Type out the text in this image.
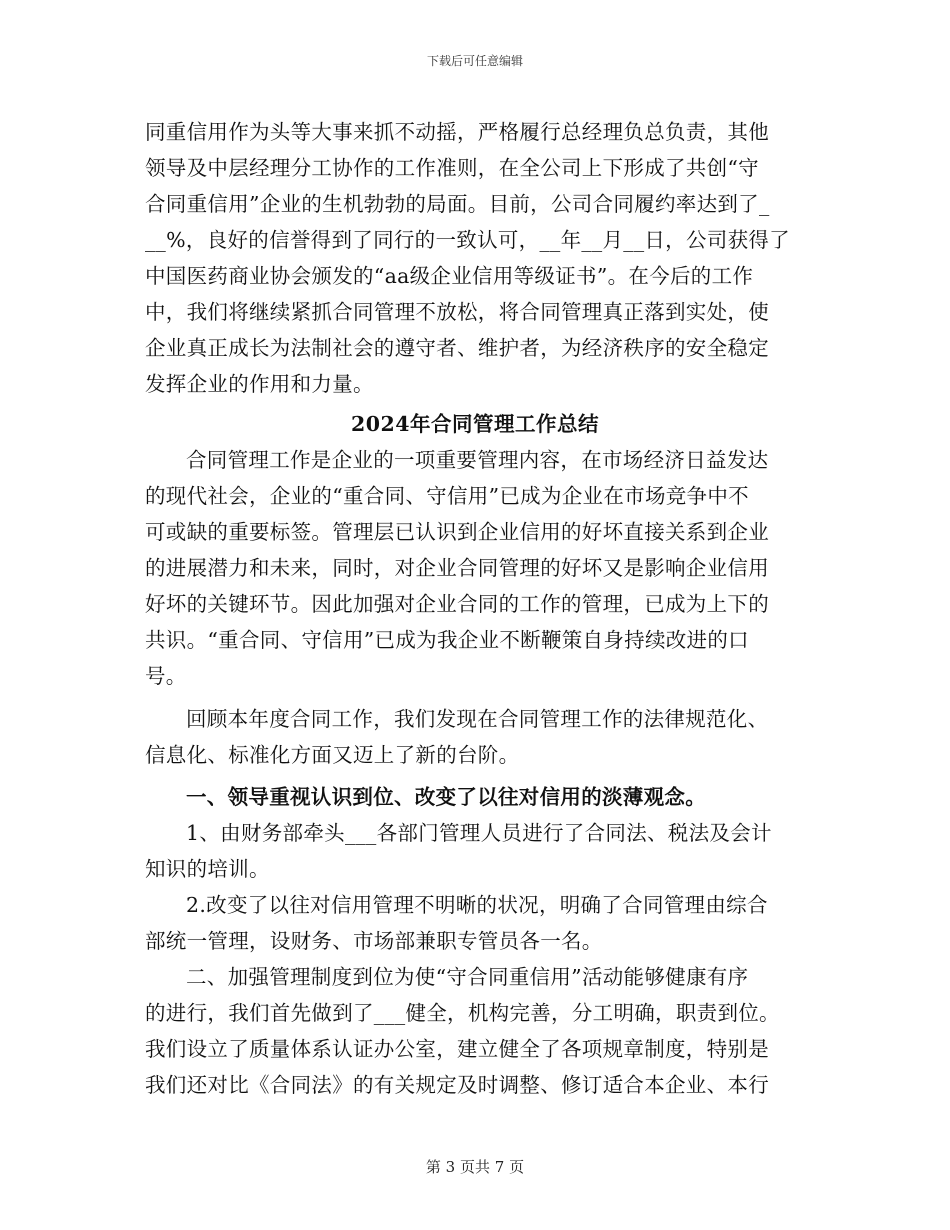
下载后可任意编辑
同重信用作为头等大事来抓不动摇，严格履行总经理负总负责，其他
领导及中层经理分工协作的工作准则，在全公司上下形成了共创“守
合同重信用”企业的生机勃勃的局面。目前，公司合同履约率达到了_
__%，良好的信誉得到了同行的一致认可，__年__月__日，公司获得了
中国医药商业协会颁发的“aa级企业信用等级证书”。在今后的工作
中，我们将继续紧抓合同管理不放松，将合同管理真正落到实处，使
企业真正成长为法制社会的遵守者、维护者，为经济秩序的安全稳定
发挥企业的作用和力量。
2024年合同管理工作总结
合同管理工作是企业的一项重要管理内容，在市场经济日益发达
的现代社会，企业的“重合同、守信用”已成为企业在市场竞争中不
可或缺的重要标签。管理层已认识到企业信用的好坏直接关系到企业
的进展潜力和未来，同时，对企业合同管理的好坏又是影响企业信用
好坏的关键环节。因此加强对企业合同的工作的管理，已成为上下的
共识。“重合同、守信用”已成为我企业不断鞭策自身持续改进的口
号。
回顾本年度合同工作，我们发现在合同管理工作的法律规范化、
信息化、标准化方面又迈上了新的台阶。
一、领导重视认识到位、改变了以往对信用的淡薄观念。
1、由财务部牵头___各部门管理人员进行了合同法、税法及会计
知识的培训。
2.改变了以往对信用管理不明晰的状况，明确了合同管理由综合
部统一管理，设财务、市场部兼职专管员各一名。
二、加强管理制度到位为使“守合同重信用”活动能够健康有序
的进行，我们首先做到了___健全，机构完善，分工明确，职责到位。
我们设立了质量体系认证办公室，建立健全了各项规章制度，特别是
我们还对比《合同法》的有关规定及时调整、修订适合本企业、本行
第 3 页共 7 页
